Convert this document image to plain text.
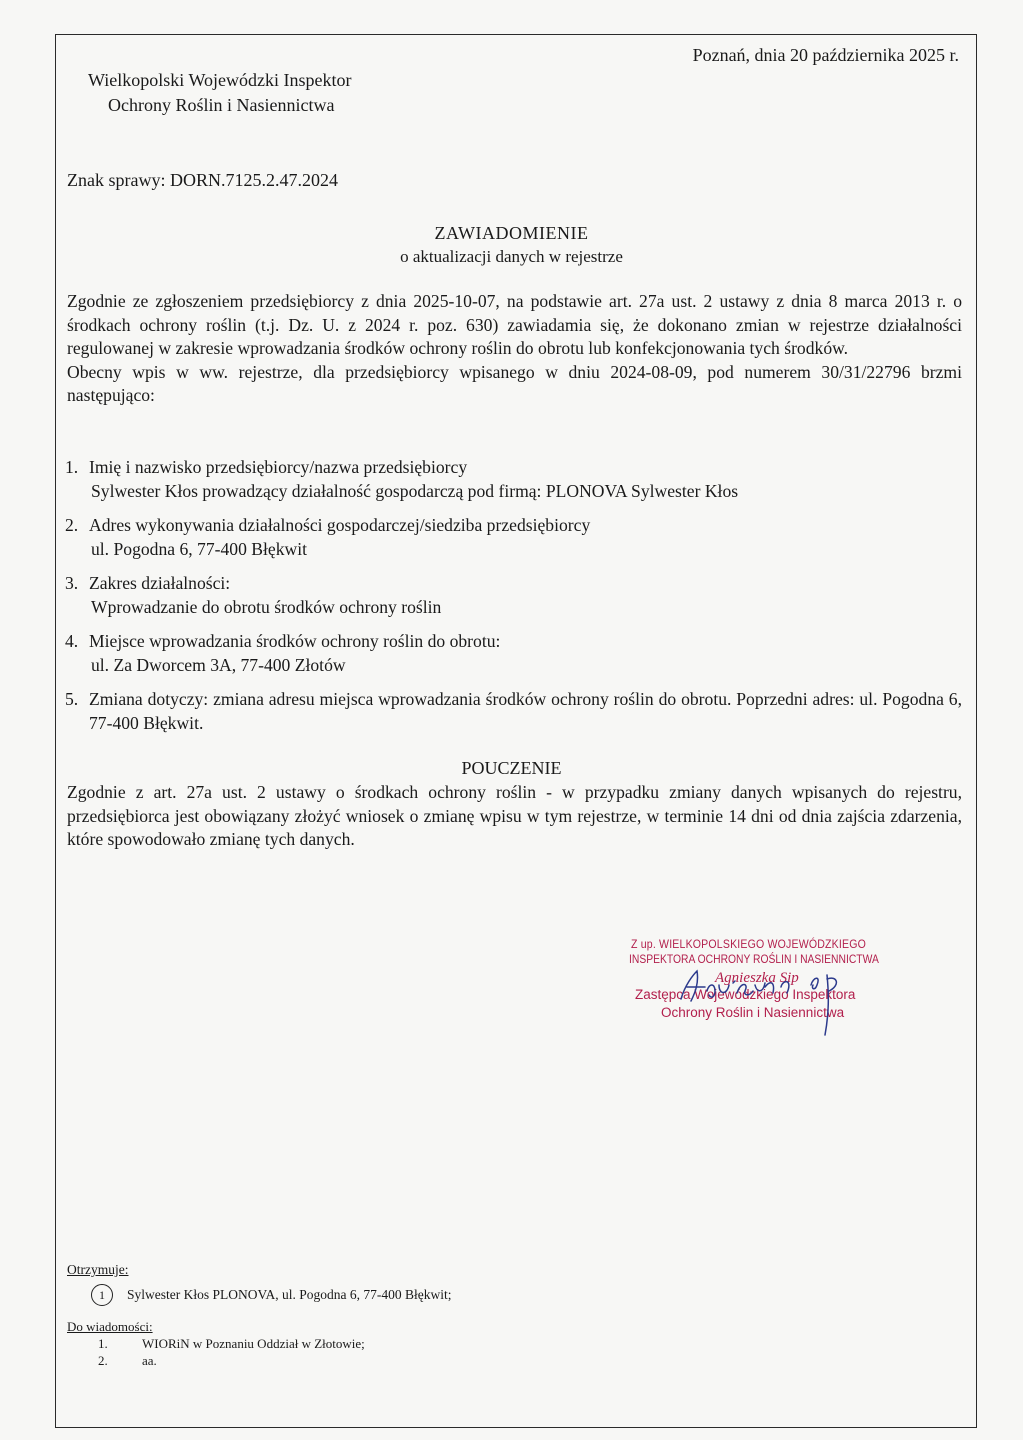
Poznań, dnia 20 października 2025 r.
Wielkopolski Wojewódzki Inspektor
Ochrony Roślin i Nasiennictwa
Znak sprawy: DORN.7125.2.47.2024
ZAWIADOMIENIE
o aktualizacji danych w rejestrze

Zgodnie ze zgłoszeniem przedsiębiorcy z dnia 2025-10-07, na podstawie art. 27a ust. 2 ustawy z dnia 8 marca 2013 r. o środkach ochrony roślin (t.j. Dz. U. z 2024 r. poz. 630) zawiadamia się, że dokonano zmian w rejestrze działalności regulowanej w zakresie wprowadzania środków ochrony roślin do obrotu lub konfekcjonowania tych środków.

Obecny wpis w ww. rejestrze, dla przedsiębiorcy wpisanego w dniu 2024-08-09, pod numerem 30/31/22796 brzmi następująco:

1. Imię i nazwisko przedsiębiorcy/nazwa przedsiębiorcy
Sylwester Kłos prowadzący działalność gospodarczą pod firmą: PLONOVA Sylwester Kłos
2. Adres wykonywania działalności gospodarczej/siedziba przedsiębiorcy
ul. Pogodna 6, 77-400 Błękwit
3. Zakres działalności:
Wprowadzanie do obrotu środków ochrony roślin
4. Miejsce wprowadzania środków ochrony roślin do obrotu:
ul. Za Dworcem 3A, 77-400 Złotów
5. Zmiana dotyczy: zmiana adresu miejsca wprowadzania środków ochrony roślin do obrotu. Poprzedni adres: ul. Pogodna 6, 77-400 Błękwit.
POUCZENIE
Zgodnie z art. 27a ust. 2 ustawy o środkach ochrony roślin - w przypadku zmiany danych wpisanych do rejestru, przedsiębiorca jest obowiązany złożyć wniosek o zmianę wpisu w tym rejestrze, w terminie 14 dni od dnia zajścia zdarzenia, które spowodowało zmianę tych danych.
Z up. WIELKOPOLSKIEGO WOJEWÓDZKIEGO
INSPEKTORA OCHRONY ROŚLIN I NASIENNICTWA
Agnieszka Sip
Zastępca Wojewódzkiego Inspektora
Ochrony Roślin i Nasiennictwa
Otrzymuje:
1	Sylwester Kłos PLONOVA, ul. Pogodna 6, 77-400 Błękwit;
Do wiadomości:
1.	WIORiN w Poznaniu Oddział w Złotowie;
2.	aa.
